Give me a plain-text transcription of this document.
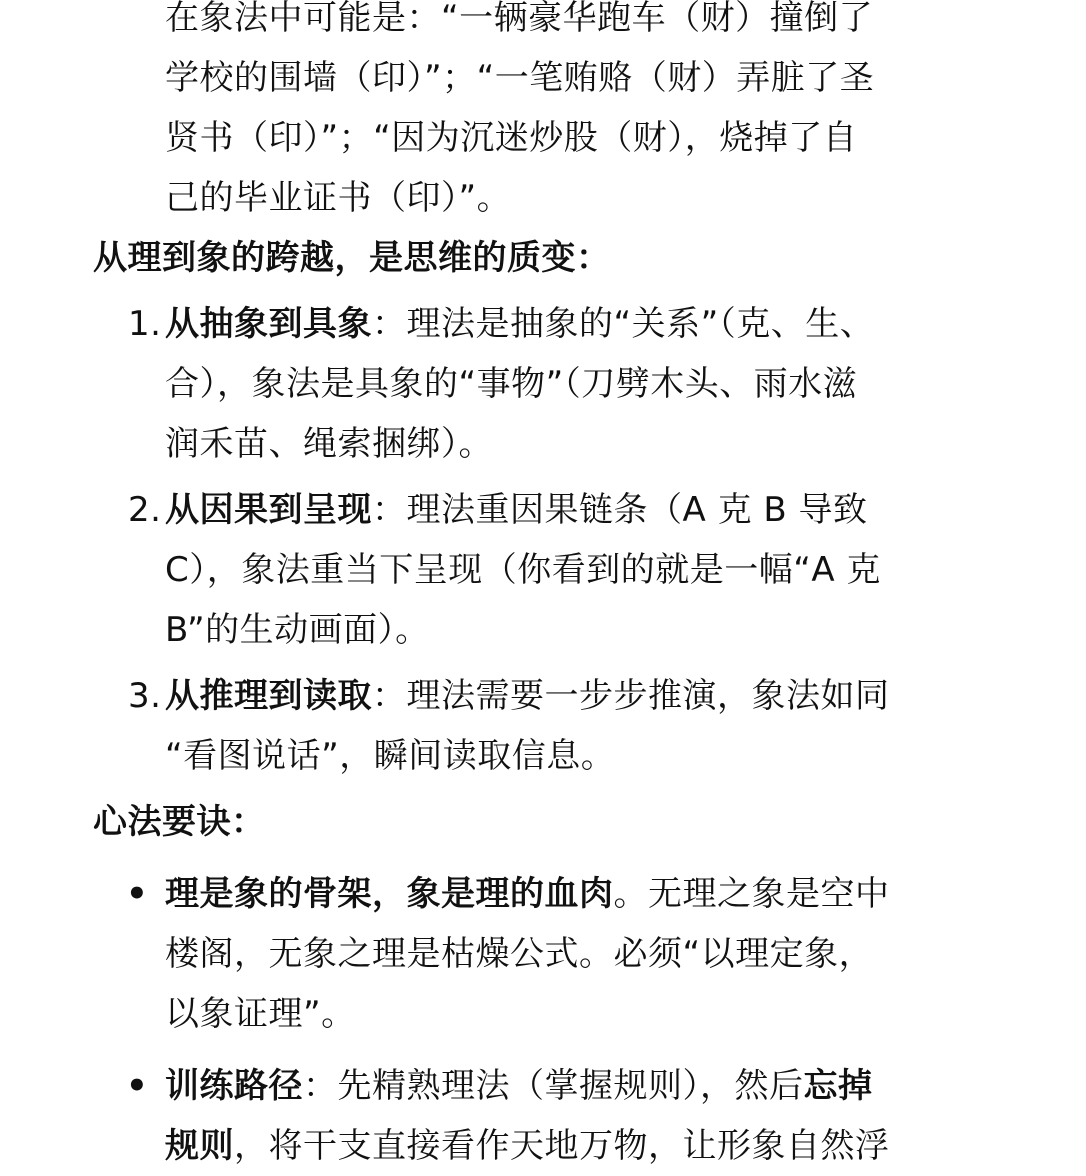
在象法中可能是：“一辆豪华跑车（财）撞倒了
学校的围墙（印）”；“一笔贿赂（财）弄脏了圣
贤书（印）”；“因为沉迷炒股（财），烧掉了自
己的毕业证书（印）”。
从理到象的跨越，是思维的质变：
1. 从抽象到具象：理法是抽象的“关系”（克、生、
合），象法是具象的“事物”（刀劈木头、雨水滋
润禾苗、绳索捆绑）。
2. 从因果到呈现：理法重因果链条（A 克 B 导致
C），象法重当下呈现（你看到的就是一幅“A 克
B”的生动画面）。
3. 从推理到读取：理法需要一步步推演，象法如同
“看图说话”，瞬间读取信息。
心法要诀：
• 理是象的骨架，象是理的血肉。无理之象是空中
楼阁，无象之理是枯燥公式。必须“以理定象，
以象证理”。
• 训练路径：先精熟理法（掌握规则），然后忘掉
规则，将干支直接看作天地万物，让形象自然浮
